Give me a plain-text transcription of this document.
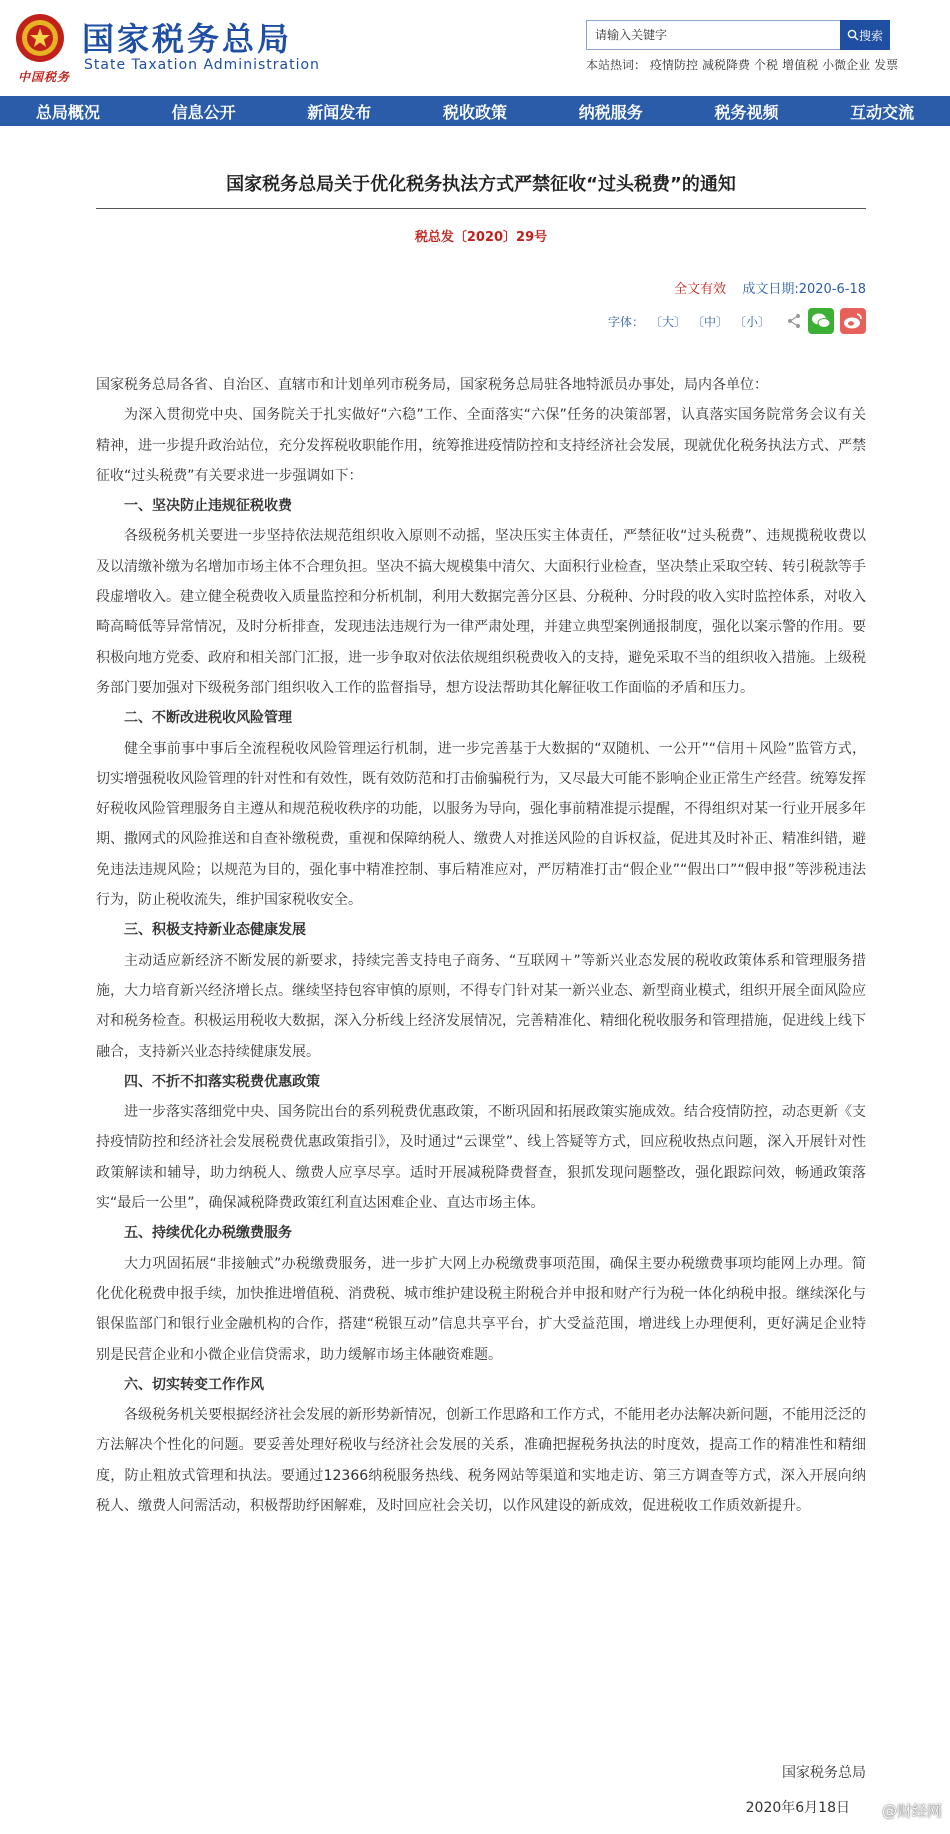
中国税务
国家税务总局
State Taxation Administration
请输入关键字
搜索
本站热词： 疫情防控 减税降费 个税 增值税 小微企业 发票
总局概况	信息公开	新闻发布	税收政策	纳税服务	税务视频	互动交流
国家税务总局关于优化税务执法方式严禁征收“过头税费”的通知
税总发〔2020〕29号
全文有效 成文日期:2020-6-18
字体： 〔大〕 〔中〕 〔小〕

国家税务总局各省、自治区、直辖市和计划单列市税务局，国家税务总局驻各地特派员办事处，局内各单位：

为深入贯彻党中央、国务院关于扎实做好“六稳”工作、全面落实“六保”任务的决策部署，认真落实国务院常务会议有关精神，进一步提升政治站位，充分发挥税收职能作用，统筹推进疫情防控和支持经济社会发展，现就优化税务执法方式、严禁征收“过头税费”有关要求进一步强调如下：

一、坚决防止违规征税收费

各级税务机关要进一步坚持依法规范组织收入原则不动摇，坚决压实主体责任，严禁征收“过头税费”、违规揽税收费以及以清缴补缴为名增加市场主体不合理负担。坚决不搞大规模集中清欠、大面积行业检查，坚决禁止采取空转、转引税款等手段虚增收入。建立健全税费收入质量监控和分析机制，利用大数据完善分区县、分税种、分时段的收入实时监控体系，对收入畸高畸低等异常情况，及时分析排查，发现违法违规行为一律严肃处理，并建立典型案例通报制度，强化以案示警的作用。要积极向地方党委、政府和相关部门汇报，进一步争取对依法依规组织税费收入的支持，避免采取不当的组织收入措施。上级税务部门要加强对下级税务部门组织收入工作的监督指导，想方设法帮助其化解征收工作面临的矛盾和压力。

二、不断改进税收风险管理

健全事前事中事后全流程税收风险管理运行机制，进一步完善基于大数据的“双随机、一公开”“信用＋风险”监管方式，切实增强税收风险管理的针对性和有效性，既有效防范和打击偷骗税行为，又尽最大可能不影响企业正常生产经营。统筹发挥好税收风险管理服务自主遵从和规范税收秩序的功能，以服务为导向，强化事前精准提示提醒，不得组织对某一行业开展多年期、撒网式的风险推送和自查补缴税费，重视和保障纳税人、缴费人对推送风险的自诉权益，促进其及时补正、精准纠错，避免违法违规风险；以规范为目的，强化事中精准控制、事后精准应对，严厉精准打击“假企业”“假出口”“假申报”等涉税违法行为，防止税收流失，维护国家税收安全。

三、积极支持新业态健康发展

主动适应新经济不断发展的新要求，持续完善支持电子商务、“互联网＋”等新兴业态发展的税收政策体系和管理服务措施，大力培育新兴经济增长点。继续坚持包容审慎的原则，不得专门针对某一新兴业态、新型商业模式，组织开展全面风险应对和税务检查。积极运用税收大数据，深入分析线上经济发展情况，完善精准化、精细化税收服务和管理措施，促进线上线下融合，支持新兴业态持续健康发展。

四、不折不扣落实税费优惠政策

进一步落实落细党中央、国务院出台的系列税费优惠政策，不断巩固和拓展政策实施成效。结合疫情防控，动态更新《支持疫情防控和经济社会发展税费优惠政策指引》，及时通过“云课堂”、线上答疑等方式，回应税收热点问题，深入开展针对性政策解读和辅导，助力纳税人、缴费人应享尽享。适时开展减税降费督查，狠抓发现问题整改，强化跟踪问效，畅通政策落实“最后一公里”，确保减税降费政策红利直达困难企业、直达市场主体。

五、持续优化办税缴费服务

大力巩固拓展“非接触式”办税缴费服务，进一步扩大网上办税缴费事项范围，确保主要办税缴费事项均能网上办理。简化优化税费申报手续，加快推进增值税、消费税、城市维护建设税主附税合并申报和财产行为税一体化纳税申报。继续深化与银保监部门和银行业金融机构的合作，搭建“税银互动”信息共享平台，扩大受益范围，增进线上办理便利，更好满足企业特别是民营企业和小微企业信贷需求，助力缓解市场主体融资难题。

六、切实转变工作作风

各级税务机关要根据经济社会发展的新形势新情况，创新工作思路和工作方式，不能用老办法解决新问题，不能用泛泛的方法解决个性化的问题。要妥善处理好税收与经济社会发展的关系，准确把握税务执法的时度效，提高工作的精准性和精细度，防止粗放式管理和执法。要通过12366纳税服务热线、税务网站等渠道和实地走访、第三方调查等方式，深入开展向纳税人、缴费人问需活动，积极帮助纾困解难，及时回应社会关切，以作风建设的新成效，促进税收工作质效新提升。

国家税务总局
2020年6月18日 @财经网
